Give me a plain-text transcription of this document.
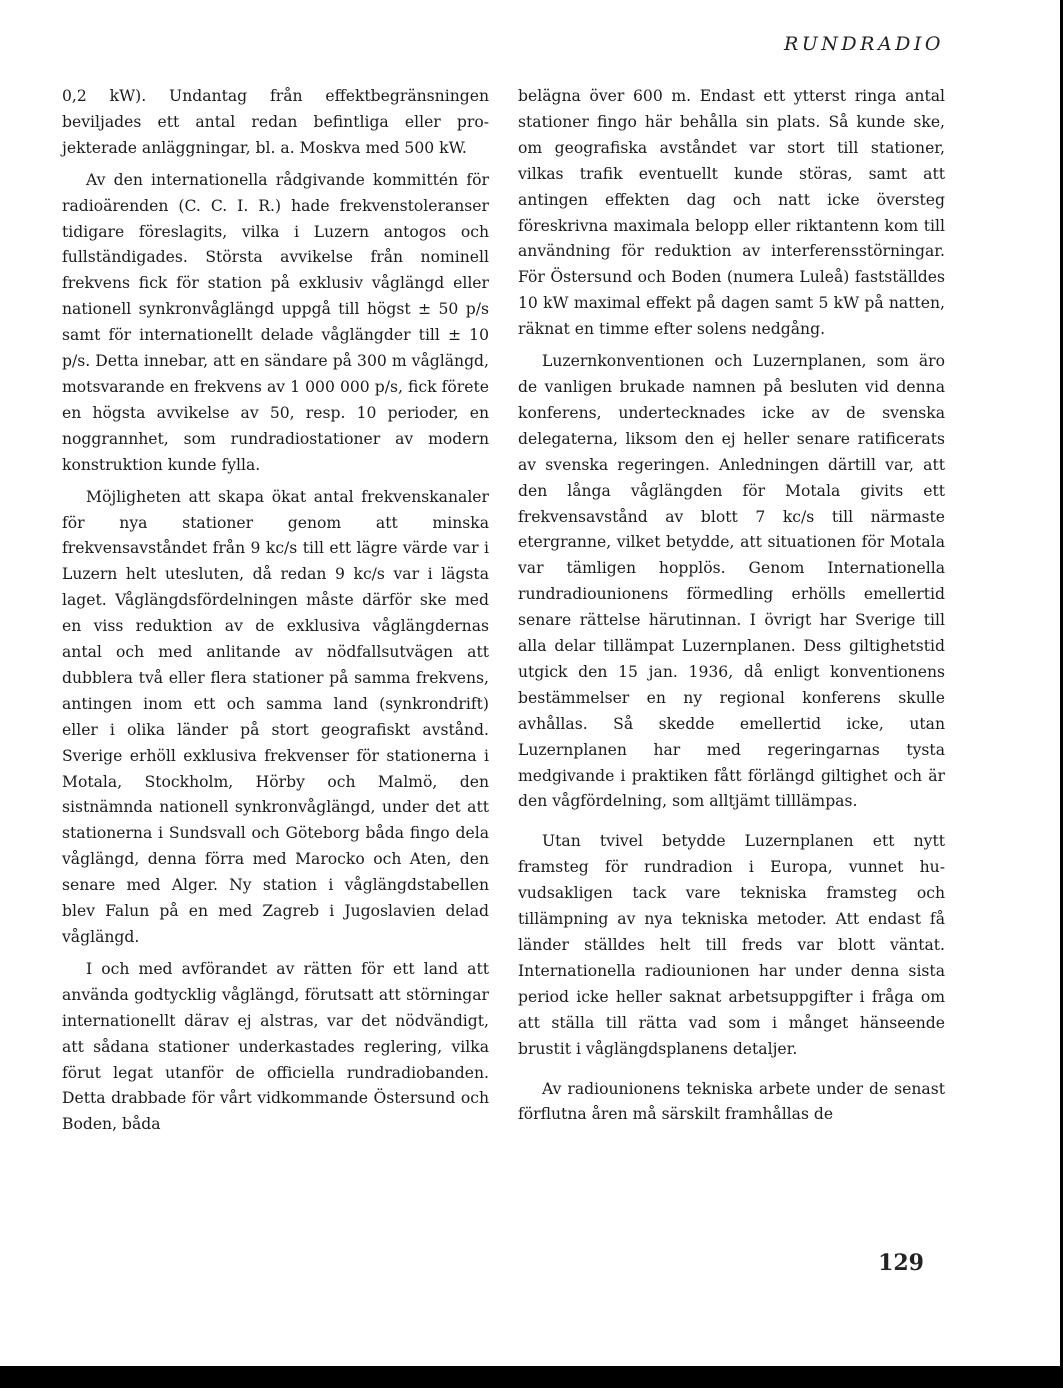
RUNDRADIO

0,2 kW). Undantag från effektbegränsningen beviljades ett antal redan befintliga eller projekterade anläggningar, bl. a. Moskva med 500 kW.

Av den internationella rådgivande kommittén för radioärenden (C. C. I. R.) hade frekvenstoleranser tidigare föreslagits, vilka i Luzern antogos och fullständigades. Största avvikelse från nominell frekvens fick för station på exklusiv våglängd eller nationell synkronvåglängd uppgå till högst ± 50 p/s samt för internationellt delade våglängder till ± 10 p/s. Detta innebar, att en sändare på 300 m våglängd, motsvarande en frekvens av 1 000 000 p/s, fick förete en högsta avvikelse av 50, resp. 10 perioder, en noggrannhet, som rundradiostationer av modern konstruktion kunde fylla.

Möjligheten att skapa ökat antal frekvenskanaler för nya stationer genom att minska frekvensavståndet från 9 kc/s till ett lägre värde var i Luzern helt utesluten, då redan 9 kc/s var i lägsta laget. Våglängdsfördelningen måste därför ske med en viss reduktion av de exklusiva våglängdernas antal och med anlitande av nödfallsutvägen att dubblera två eller flera stationer på samma frekvens, antingen inom ett och samma land (synkrondrift) eller i olika länder på stort geografiskt avstånd. Sverige erhöll exklusiva frekvenser för stationerna i Motala, Stockholm, Hörby och Malmö, den sistnämnda nationell synkronvåglängd, under det att stationerna i Sundsvall och Göteborg båda fingo dela våglängd, denna förra med Marocko och Aten, den senare med Alger. Ny station i våglängdstabellen blev Falun på en med Zagreb i Jugoslavien delad våglängd.

I och med avförandet av rätten för ett land att använda godtycklig våglängd, förutsatt att störningar internationellt därav ej alstras, var det nödvändigt, att sådana stationer underkastades reglering, vilka förut legat utanför de officiella rundradiobanden. Detta drabbade för vårt vidkommande Östersund och Boden, båda

belägna över 600 m. Endast ett ytterst ringa antal stationer fingo här behålla sin plats. Så kunde ske, om geografiska avståndet var stort till stationer, vilkas trafik eventuellt kunde störas, samt att antingen effekten dag och natt icke översteg föreskrivna maximala belopp eller riktantenn kom till användning för reduktion av interferensstörningar. För Östersund och Boden (numera Luleå) fastställdes 10 kW maximal effekt på dagen samt 5 kW på natten, räknat en timme efter solens nedgång.

Luzernkonventionen och Luzernplanen, som äro de vanligen brukade namnen på besluten vid denna konferens, undertecknades icke av de svenska delegaterna, liksom den ej heller senare ratificerats av svenska regeringen. Anledningen därtill var, att den långa våglängden för Motala givits ett frekvensavstånd av blott 7 kc/s till närmaste etergranne, vilket betydde, att situationen för Motala var tämligen hopplös. Genom Internationella rundradiounionens förmedling erhölls emellertid senare rättelse härutinnan. I övrigt har Sverige till alla delar tillämpat Luzernplanen. Dess giltighetstid utgick den 15 jan. 1936, då enligt konventionens bestämmelser en ny regional konferens skulle avhållas. Så skedde emellertid icke, utan Luzernplanen har med regeringarnas tysta medgivande i praktiken fått förlängd giltighet och är den vågfördelning, som alltjämt tilllämpas.

Utan tvivel betydde Luzernplanen ett nytt framsteg för rundradion i Europa, vunnet huvudsakligen tack vare tekniska framsteg och tillämpning av nya tekniska metoder. Att endast få länder ställdes helt till freds var blott väntat. Internationella radiounionen har under denna sista period icke heller saknat arbetsuppgifter i fråga om att ställa till rätta vad som i månget hänseende brustit i våglängdsplanens detaljer.

Av radiounionens tekniska arbete under de senast förflutna åren må särskilt framhållas de

129
